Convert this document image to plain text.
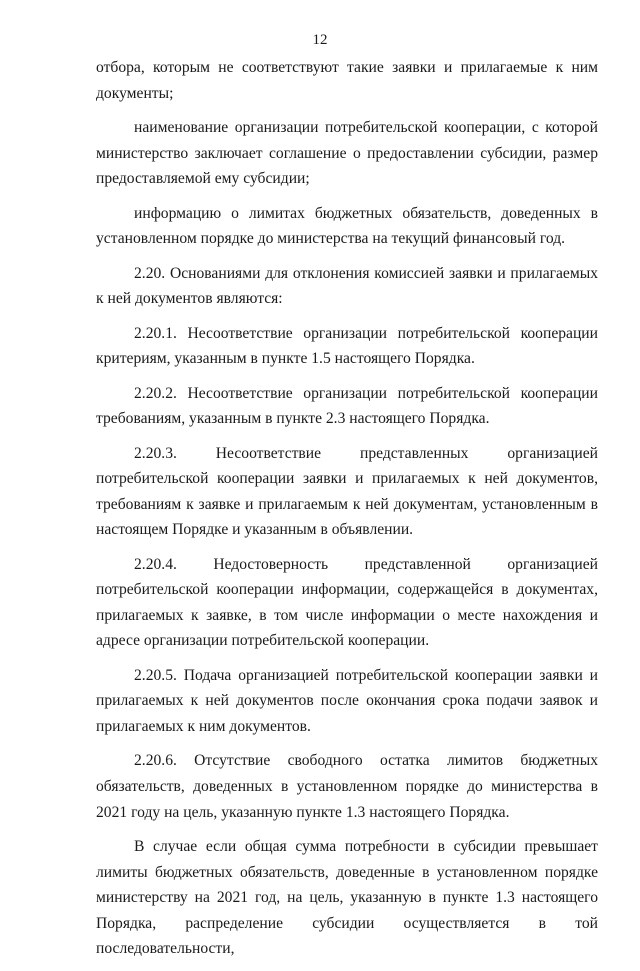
12

отбора, которым не соответствуют такие заявки и прилагаемые к ним документы;

наименование организации потребительской кооперации, с которой министерство заключает соглашение о предоставлении субсидии, размер предоставляемой ему субсидии;

информацию о лимитах бюджетных обязательств, доведенных в установленном порядке до министерства на текущий финансовый год.

2.20. Основаниями для отклонения комиссией заявки и прилагаемых к ней документов являются:

2.20.1. Несоответствие организации потребительской кооперации критериям, указанным в пункте 1.5 настоящего Порядка.

2.20.2. Несоответствие организации потребительской кооперации требованиям, указанным в пункте 2.3 настоящего Порядка.

2.20.3. Несоответствие представленных организацией потребительской кооперации заявки и прилагаемых к ней документов, требованиям к заявке и прилагаемым к ней документам, установленным в настоящем Порядке и указанным в объявлении.

2.20.4. Недостоверность представленной организацией потребительской кооперации информации, содержащейся в документах, прилагаемых к заявке, в том числе информации о месте нахождения и адресе организации потребительской кооперации.

2.20.5. Подача организацией потребительской кооперации заявки и прилагаемых к ней документов после окончания срока подачи заявок и прилагаемых к ним документов.

2.20.6. Отсутствие свободного остатка лимитов бюджетных обязательств, доведенных в установленном порядке до министерства в 2021 году на цель, указанную пункте 1.3 настоящего Порядка.

В случае если общая сумма потребности в субсидии превышает лимиты бюджетных обязательств, доведенные в установленном порядке министерству на 2021 год, на цель, указанную в пункте 1.3 настоящего Порядка, распределение субсидии осуществляется в той последовательности,
